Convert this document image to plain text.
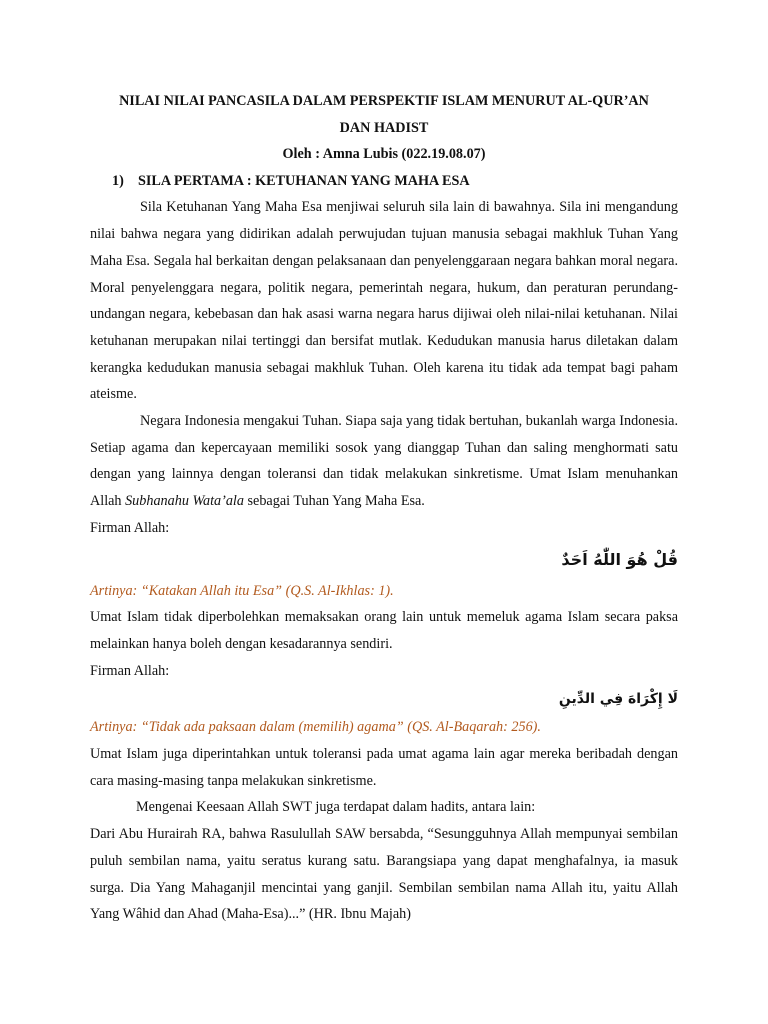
NILAI NILAI PANCASILA DALAM PERSPEKTIF ISLAM MENURUT AL-QUR’AN
DAN HADIST
Oleh : Amna Lubis (022.19.08.07)
1) SILA PERTAMA : KETUHANAN YANG MAHA ESA

Sila Ketuhanan Yang Maha Esa menjiwai seluruh sila lain di bawahnya. Sila ini mengandung nilai bahwa negara yang didirikan adalah perwujudan tujuan manusia sebagai makhluk Tuhan Yang Maha Esa. Segala hal berkaitan dengan pelaksanaan dan penyelenggaraan negara bahkan moral negara. Moral penyelenggara negara, politik negara, pemerintah negara, hukum, dan peraturan perundang-undangan negara, kebebasan dan hak asasi warna negara harus dijiwai oleh nilai-nilai ketuhanan. Nilai ketuhanan merupakan nilai tertinggi dan bersifat mutlak. Kedudukan manusia harus diletakan dalam kerangka kedudukan manusia sebagai makhluk Tuhan. Oleh karena itu tidak ada tempat bagi paham ateisme.

Negara Indonesia mengakui Tuhan. Siapa saja yang tidak bertuhan, bukanlah warga Indonesia. Setiap agama dan kepercayaan memiliki sosok yang dianggap Tuhan dan saling menghormati satu dengan yang lainnya dengan toleransi dan tidak melakukan sinkretisme. Umat Islam menuhankan Allah Subhanahu Wata’ala sebagai Tuhan Yang Maha Esa.

Firman Allah:

قُلْ هُوَ اللّٰهُ اَحَدٌ

Artinya: “Katakan Allah itu Esa” (Q.S. Al-Ikhlas: 1).

Umat Islam tidak diperbolehkan memaksakan orang lain untuk memeluk agama Islam secara paksa melainkan hanya boleh dengan kesadarannya sendiri.

Firman Allah:

لَا إِكْرَاهَ فِي الدِّينِ

Artinya: “Tidak ada paksaan dalam (memilih) agama” (QS. Al-Baqarah: 256).

Umat Islam juga diperintahkan untuk toleransi pada umat agama lain agar mereka beribadah dengan cara masing-masing tanpa melakukan sinkretisme.

Mengenai Keesaan Allah SWT juga terdapat dalam hadits, antara lain:

Dari Abu Hurairah RA, bahwa Rasulullah SAW bersabda, “Sesungguhnya Allah mempunyai sembilan puluh sembilan nama, yaitu seratus kurang satu. Barangsiapa yang dapat menghafalnya, ia masuk surga. Dia Yang Mahaganjil mencintai yang ganjil. Sembilan sembilan nama Allah itu, yaitu Allah Yang Wâhid dan Ahad (Maha-Esa)...” (HR. Ibnu Majah)
